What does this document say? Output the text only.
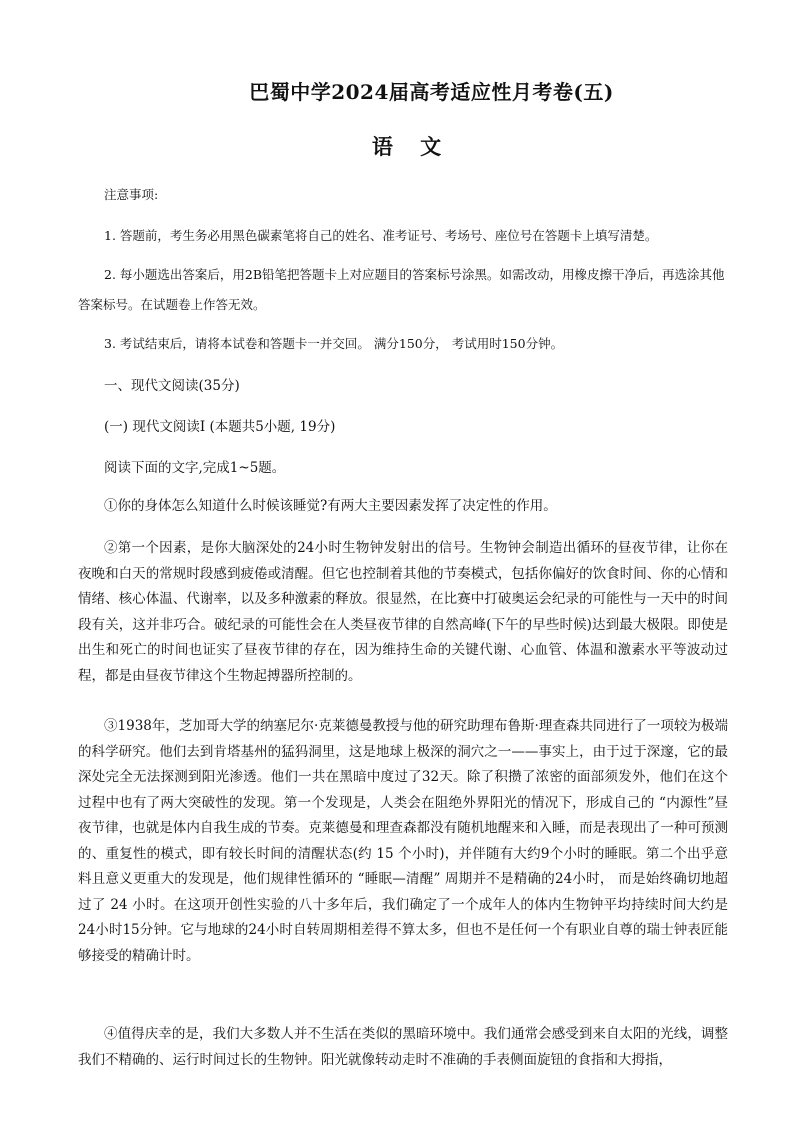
巴蜀中学2024届高考适应性月考卷(五)
语 文
注意事项:
1. 答题前，考生务必用黑色碳素笔将自己的姓名、准考证号、考场号、座位号在答题卡上填写清楚。
2. 每小题选出答案后，用2B铅笔把答题卡上对应题目的答案标号涂黑。如需改动，用橡皮擦干净后，再选涂其他答案标号。在试题卷上作答无效。
3. 考试结束后，请将本试卷和答题卡一并交回。 满分150分， 考试用时150分钟。
一、现代文阅读(35分)
(一) 现代文阅读Ⅰ (本题共5小题, 19分)
阅读下面的文字,完成1~5题。
①你的身体怎么知道什么时候该睡觉?有两大主要因素发挥了决定性的作用。
②第一个因素，是你大脑深处的24小时生物钟发射出的信号。生物钟会制造出循环的昼夜节律，让你在夜晚和白天的常规时段感到疲倦或清醒。但它也控制着其他的节奏模式，包括你偏好的饮食时间、你的心情和情绪、核心体温、代谢率，以及多种激素的释放。很显然，在比赛中打破奥运会纪录的可能性与一天中的时间段有关，这并非巧合。破纪录的可能性会在人类昼夜节律的自然高峰(下午的早些时候)达到最大极限。即使是出生和死亡的时间也证实了昼夜节律的存在，因为维持生命的关键代谢、心血管、体温和激素水平等波动过程，都是由昼夜节律这个生物起搏器所控制的。
③1938年，芝加哥大学的纳塞尼尔·克莱德曼教授与他的研究助理布鲁斯·理查森共同进行了一项较为极端的科学研究。他们去到肯塔基州的猛犸洞里，这是地球上极深的洞穴之一——事实上，由于过于深邃，它的最深处完全无法探测到阳光渗透。他们一共在黑暗中度过了32天。除了积攒了浓密的面部须发外，他们在这个过程中也有了两大突破性的发现。第一个发现是，人类会在阻绝外界阳光的情况下，形成自己的 “内源性”昼夜节律，也就是体内自我生成的节奏。克莱德曼和理查森都没有随机地醒来和入睡，而是表现出了一种可预测的、重复性的模式，即有较长时间的清醒状态(约 15 个小时)，并伴随有大约9个小时的睡眠。第二个出乎意料且意义更重大的发现是，他们规律性循环的 “睡眠—清醒” 周期并不是精确的24小时， 而是始终确切地超过了 24 小时。在这项开创性实验的八十多年后，我们确定了一个成年人的体内生物钟平均持续时间大约是24小时15分钟。它与地球的24小时自转周期相差得不算太多，但也不是任何一个有职业自尊的瑞士钟表匠能够接受的精确计时。
④值得庆幸的是，我们大多数人并不生活在类似的黑暗环境中。我们通常会感受到来自太阳的光线，调整我们不精确的、运行时间过长的生物钟。阳光就像转动走时不准确的手表侧面旋钮的食指和大拇指，
